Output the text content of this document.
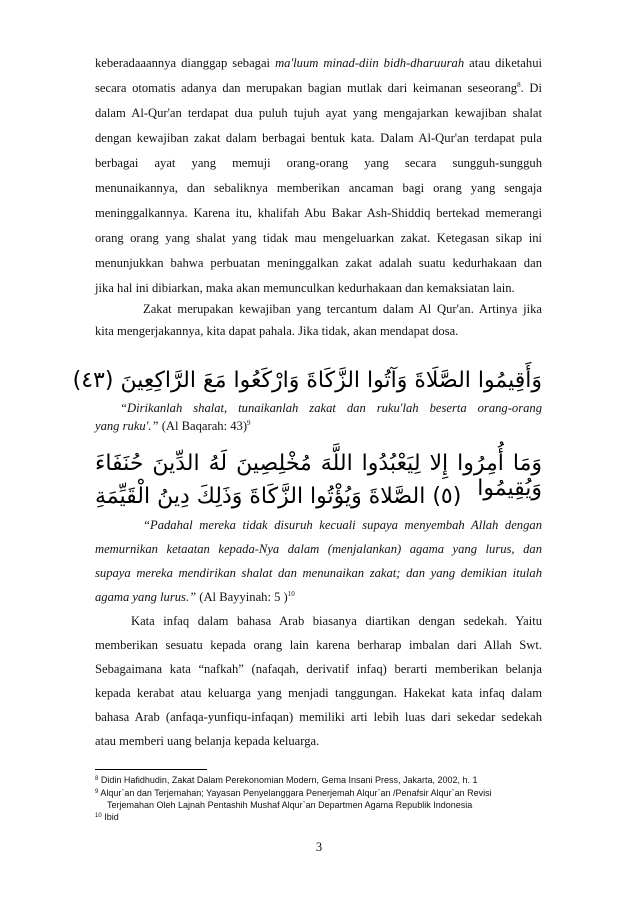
keberadaaannya dianggap sebagai ma'luum minad-diin bidh-dharuurah atau diketahui
secara otomatis adanya dan merupakan bagian mutlak dari keimanan seseorang$^8$. Di
dalam Al-Qur'an terdapat dua puluh tujuh ayat yang mengajarkan kewajiban shalat
dengan kewajiban zakat dalam berbagai bentuk kata. Dalam Al-Qur'an terdapat pula
berbagai ayat yang memuji orang-orang yang secara sungguh-sungguh
menunaikannya, dan sebaliknya memberikan ancaman bagi orang yang sengaja
meninggalkannya. Karena itu, khalifah Abu Bakar Ash-Shiddiq bertekad memerangi
orang orang yang shalat yang tidak mau mengeluarkan zakat. Ketegasan sikap ini
menunjukkan bahwa perbuatan meninggalkan zakat adalah suatu kedurhakaan dan
jika hal ini dibiarkan, maka akan memunculkan kedurhakaan dan kemaksiatan lain.
Zakat merupakan kewajiban yang tercantum dalam Al Qur'an. Artinya jika
kita mengerjakannya, kita dapat pahala. Jika tidak, akan mendapat dosa.
وَأَقِيمُوا الصَّلَاةَ وَآتُوا الزَّكَاةَ وَارْكَعُوا مَعَ الرَّاكِعِينَ (٤٣)
“Dirikanlah shalat, tunaikanlah zakat dan ruku'lah beserta orang-orang
yang ruku'.” (Al Baqarah: 43)$^9$
وَمَا أُمِرُوا إِلا لِيَعْبُدُوا اللَّهَ مُخْلِصِينَ لَهُ الدِّينَ حُنَفَاءَ وَيُقِيمُوا
(٥) الصَّلاةَ وَيُؤْتُوا الزَّكَاةَ وَذَلِكَ دِينُ الْقَيِّمَةِ
“Padahal mereka tidak disuruh kecuali supaya menyembah Allah dengan
memurnikan ketaatan kepada-Nya dalam (menjalankan) agama yang lurus, dan
supaya mereka mendirikan shalat dan menunaikan zakat; dan yang demikian itulah
agama yang lurus.” (Al Bayyinah: 5 )$^{10}$
Kata infaq dalam bahasa Arab biasanya diartikan dengan sedekah. Yaitu
memberikan sesuatu kepada orang lain karena berharap imbalan dari Allah Swt.
Sebagaimana kata “nafkah” (nafaqah, derivatif infaq) berarti memberikan belanja
kepada kerabat atau keluarga yang menjadi tanggungan. Hakekat kata infaq dalam
bahasa Arab (anfaqa-yunfiqu-infaqan) memiliki arti lebih luas dari sekedar sedekah
atau memberi uang belanja kepada keluarga.
$^8$ Didin Hafidhudin, Zakat Dalam Perekonomian Modern, Gema Insani Press, Jakarta, 2002, h. 1
$^9$ Alqur`an dan Terjemahan; Yayasan Penyelanggara Penerjemah Alqur`an /Penafsir Alqur`an Revisi
Terjemahan Oleh Lajnah Pentashih Mushaf Alqur`an Departmen Agama Republik Indonesia
$^{10}$ Ibid
3
